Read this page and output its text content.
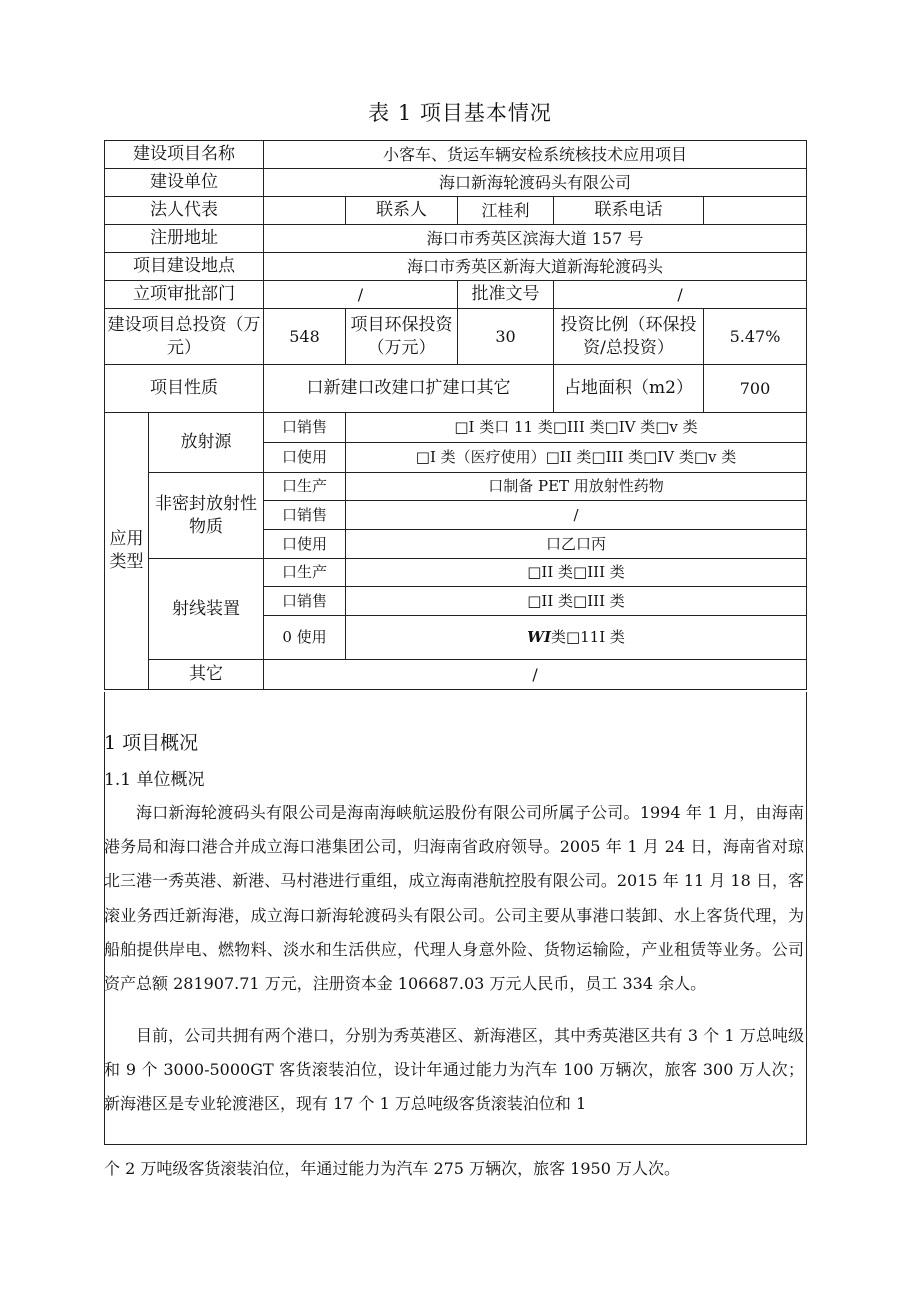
表 1 项目基本情况
建设项目名称		小客车、货运车辆安检系统核技术应用项目				
建设单位		海口新海轮渡码头有限公司				
法人代表			联系人	江桂利	联系电话	
注册地址		海口市秀英区滨海大道 157 号				
项目建设地点		海口市秀英区新海大道新海轮渡码头				
立项审批部门		/		批准文号	/	
建设项目总投资（万元）		548	项目环保投资（万元）	30	投资比例（环保投资/总投资）	5.47%
项目性质		口新建口改建口扩建口其它			占地面积（m2）	700
应用类型	放射源	口销售	□I 类口 11 类□III 类□IV 类□v 类			
		口使用	□I 类（医疗使用）□II 类□III 类□IV 类□v 类			
	非密封放射性物质	口生产	口制备 PET 用放射性药物			
		口销售	/			
		口使用	口乙口丙			
	射线装置	口生产	□II 类□III 类			
		口销售	□II 类□III 类			
		0 使用	WI类□11I 类			
	其它	/				
1 项目概况
1.1 单位概况

海口新海轮渡码头有限公司是海南海峡航运股份有限公司所属子公司。1994 年 1 月，由海南港务局和海口港合并成立海口港集团公司，归海南省政府领导。2005 年 1 月 24 日，海南省对琼北三港一秀英港、新港、马村港进行重组，成立海南港航控股有限公司。2015 年 11 月 18 日，客滚业务西迁新海港，成立海口新海轮渡码头有限公司。公司主要从事港口装卸、水上客货代理，为船舶提供岸电、燃物料、淡水和生活供应，代理人身意外险、货物运输险，产业租赁等业务。公司资产总额 281907.71 万元，注册资本金 106687.03 万元人民币，员工 334 余人。

目前，公司共拥有两个港口，分别为秀英港区、新海港区，其中秀英港区共有 3 个 1 万总吨级和 9 个 3000-5000GT 客货滚装泊位，设计年通过能力为汽车 100 万辆次，旅客 300 万人次；新海港区是专业轮渡港区，现有 17 个 1 万总吨级客货滚装泊位和 1

个 2 万吨级客货滚装泊位，年通过能力为汽车 275 万辆次，旅客 1950 万人次。
